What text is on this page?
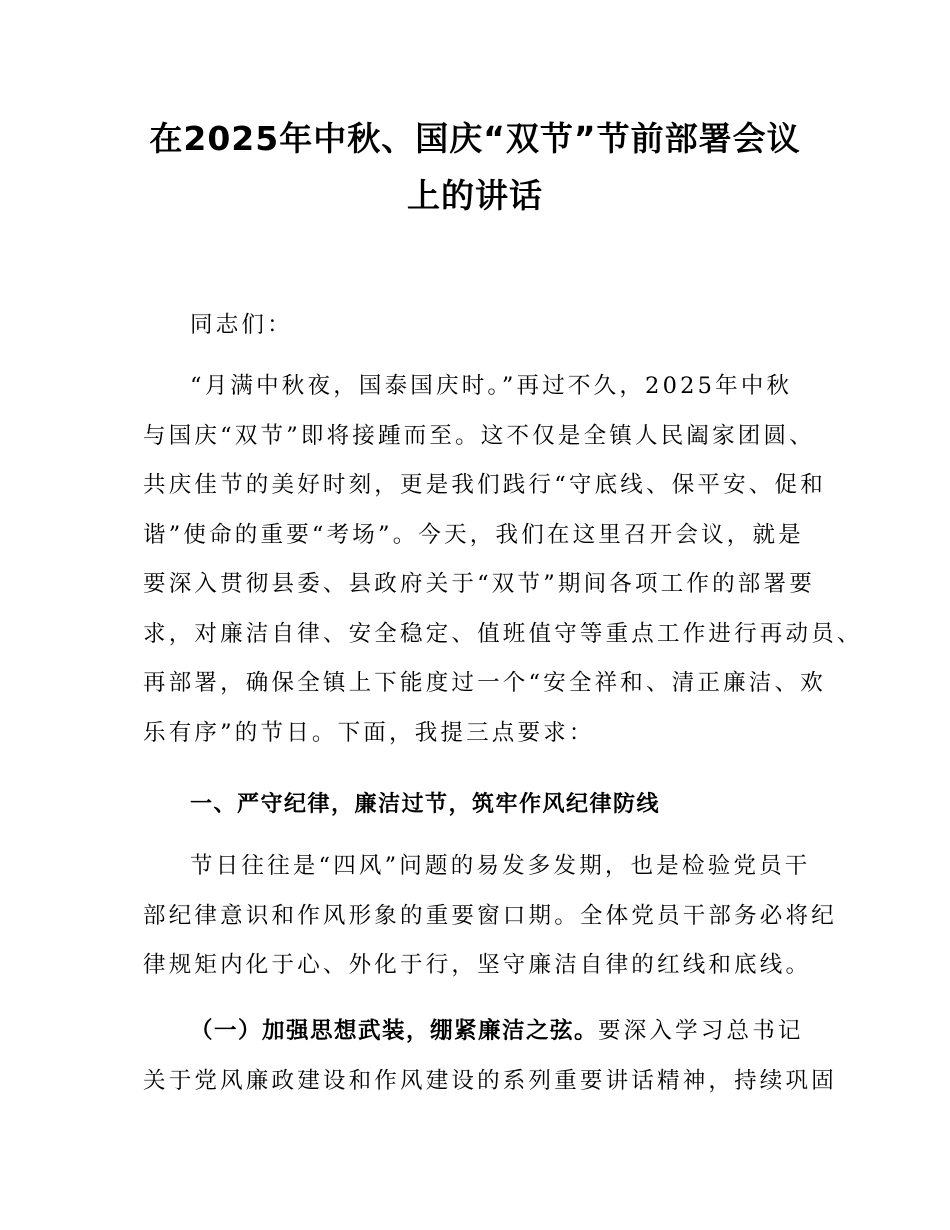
在2025年中秋、国庆“双节”节前部署会议
上的讲话
同志们：
“月满中秋夜，国泰国庆时。”再过不久，2025年中秋
与国庆“双节”即将接踵而至。这不仅是全镇人民阖家团圆、
共庆佳节的美好时刻，更是我们践行“守底线、保平安、促和
谐”使命的重要“考场”。今天，我们在这里召开会议，就是
要深入贯彻县委、县政府关于“双节”期间各项工作的部署要
求，对廉洁自律、安全稳定、值班值守等重点工作进行再动员、
再部署，确保全镇上下能度过一个“安全祥和、清正廉洁、欢
乐有序”的节日。下面，我提三点要求：
一、严守纪律，廉洁过节，筑牢作风纪律防线
节日往往是“四风”问题的易发多发期，也是检验党员干
部纪律意识和作风形象的重要窗口期。全体党员干部务必将纪
律规矩内化于心、外化于行，坚守廉洁自律的红线和底线。
（一）加强思想武装，绷紧廉洁之弦。要深入学习总书记
关于党风廉政建设和作风建设的系列重要讲话精神，持续巩固
